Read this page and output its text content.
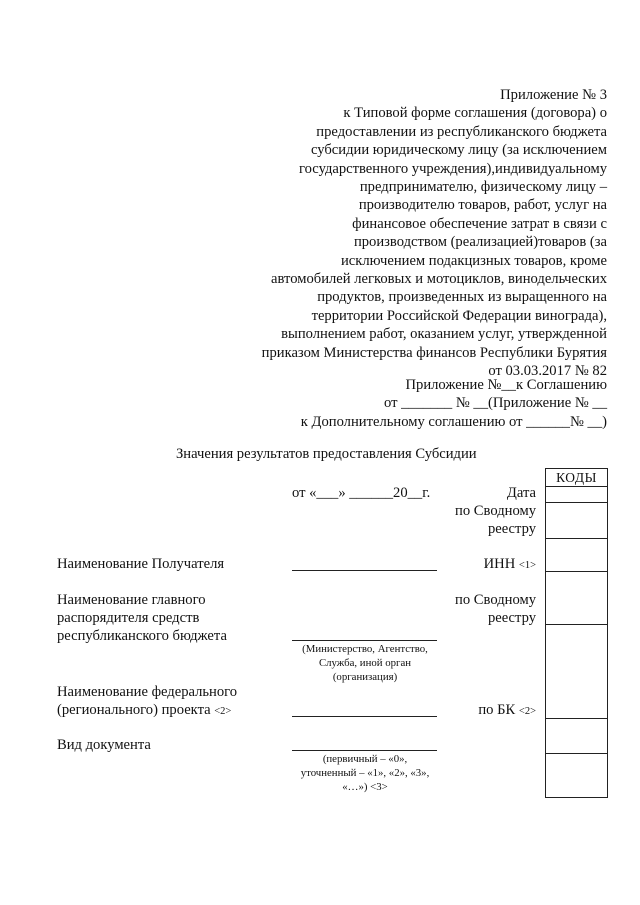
Приложение № 3
к Типовой форме соглашения (договора) о
предоставлении из республиканского бюджета
субсидии юридическому лицу (за исключением
государственного учреждения),индивидуальному
предпринимателю, физическому лицу –
производителю товаров, работ, услуг на
финансовое обеспечение затрат в связи с
производством (реализацией)товаров (за
исключением подакцизных товаров, кроме
автомобилей легковых и мотоциклов, винодельческих
продуктов, произведенных из выращенного на
территории Российской Федерации винограда),
выполнением работ, оказанием услуг, утвержденной
приказом Министерства финансов Республики Бурятия
от 03.03.2017 № 82
Приложение №__к Соглашению
от _______ № __(Приложение № __
к Дополнительному соглашению от ______№ __)
Значения результатов предоставления Субсидии
от «___» ______20__г.	Дата
по Сводному
реестру
ИНН <1>
по Сводному
реестру
по БК <2>
Наименование Получателя
Наименование главного
распорядителя средств
республиканского бюджета
(Министерство, Агентство,
Служба, иной орган
(организация)
Наименование федерального
(регионального) проекта <2>
Вид документа
(первичный – «0»,
уточненный – «1», «2», «3»,
«…») <3>
КОДЫ
